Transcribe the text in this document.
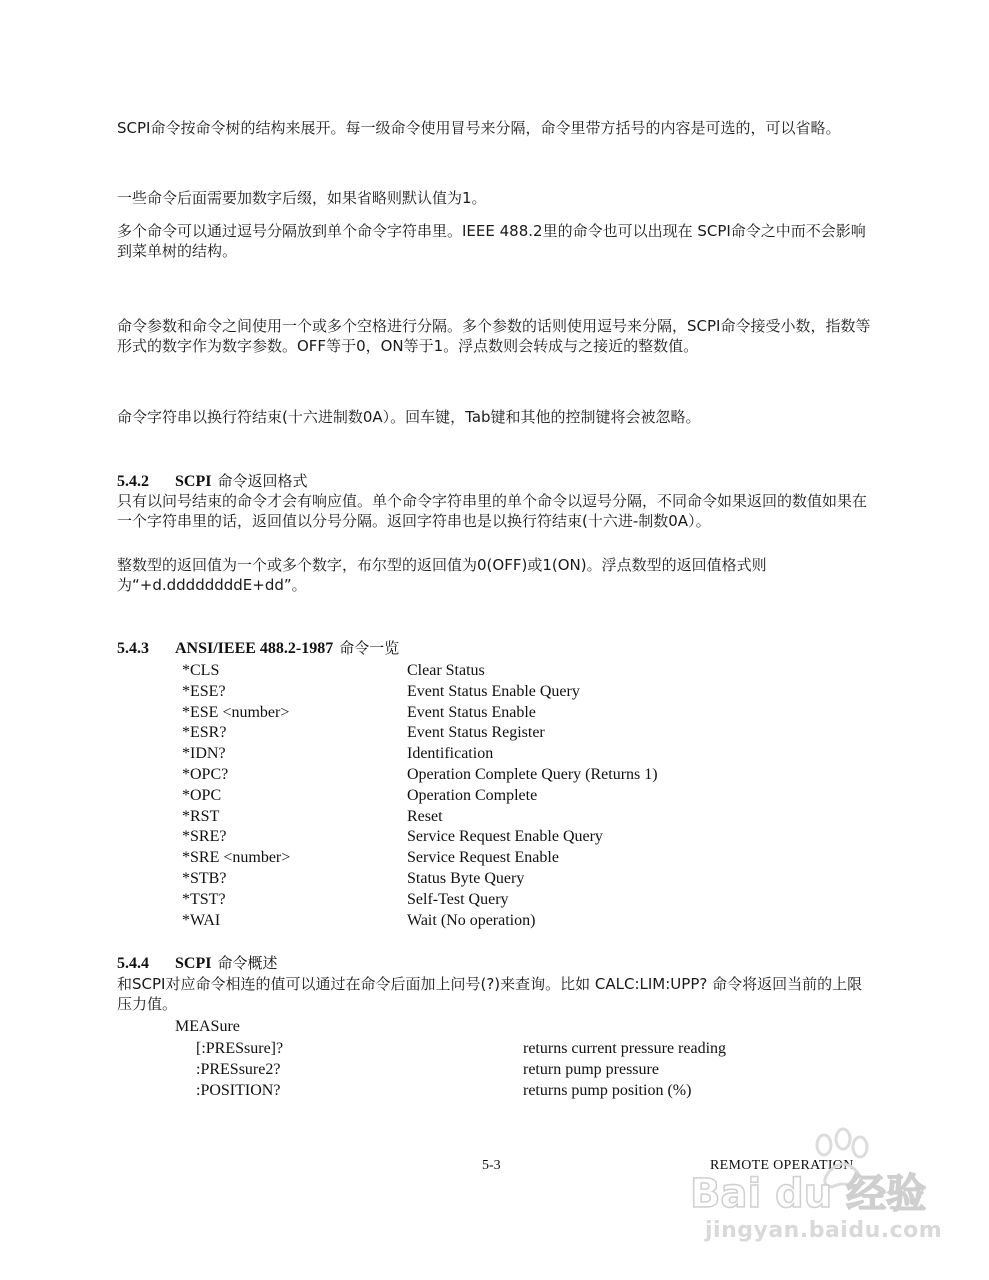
SCPI命令按命令树的结构来展开。每一级命令使用冒号来分隔，命令里带方括号的内容是可选的，可以省略。

一些命令后面需要加数字后缀，如果省略则默认值为1。

多个命令可以通过逗号分隔放到单个命令字符串里。IEEE 488.2里的命令也可以出现在 SCPI命令之中而不会影响到菜单树的结构。

命令参数和命令之间使用一个或多个空格进行分隔。多个参数的话则使用逗号来分隔，SCPI命令接受小数，指数等形式的数字作为数字参数。OFF等于0，ON等于1。浮点数则会转成与之接近的整数值。

命令字符串以换行符结束(十六进制数0A）。回车键，Tab键和其他的控制键将会被忽略。

5.4.2 SCPI 命令返回格式

只有以问号结束的命令才会有响应值。单个命令字符串里的单个命令以逗号分隔，不同命令如果返回的数值如果在一个字符串里的话，返回值以分号分隔。返回字符串也是以换行符结束(十六进-制数0A）。

整数型的返回值为一个或多个数字，布尔型的返回值为0(OFF)或1(ON)。浮点数型的返回值格式则为“+d.ddddddddE+dd”。

5.4.3 ANSI/IEEE 488.2-1987 命令一览
*CLS	Clear Status
*ESE?	Event Status Enable Query
*ESE <number>	Event Status Enable
*ESR?	Event Status Register
*IDN?	Identification
*OPC?	Operation Complete Query (Returns 1)
*OPC	Operation Complete
*RST	Reset
*SRE?	Service Request Enable Query
*SRE <number>	Service Request Enable
*STB?	Status Byte Query
*TST?	Self-Test Query
*WAI	Wait (No operation)
5.4.4 SCPI 命令概述

和SCPI对应命令相连的值可以通过在命令后面加上问号(?)来查询。比如 CALC:LIM:UPP? 命令将返回当前的上限压力值。

MEASure
[:PRESsure]?	returns current pressure reading
:PRESsure2?	return pump pressure
:POSITION?	returns pump position (%)
5-3	REMOTE OPERATION
Bai du 经验
jingyan.baidu.com
